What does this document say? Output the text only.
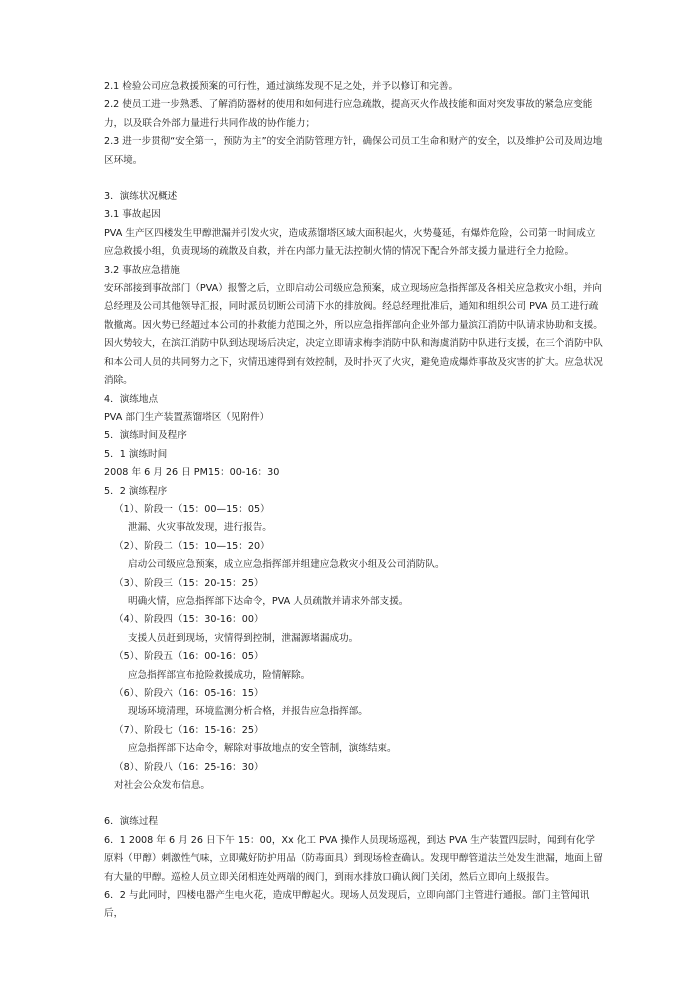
2.1 检验公司应急救援预案的可行性，通过演练发现不足之处，并予以修订和完善。
2.2 使员工进一步熟悉、了解消防器材的使用和如何进行应急疏散，提高灭火作战技能和面对突发事故的紧急应变能力，以及联合外部力量进行共同作战的协作能力；
2.3 进一步贯彻“安全第一，预防为主”的安全消防管理方针，确保公司员工生命和财产的安全，以及维护公司及周边地区环境。
3．演练状况概述
3.1 事故起因
PVA 生产区四楼发生甲醇泄漏并引发火灾，造成蒸馏塔区域大面积起火，火势蔓延，有爆炸危险，公司第一时间成立应急救援小组，负责现场的疏散及自救，并在内部力量无法控制火情的情况下配合外部支援力量进行全力抢险。
3.2 事故应急措施
安环部接到事故部门（PVA）报警之后，立即启动公司级应急预案，成立现场应急指挥部及各相关应急救灾小组，并向总经理及公司其他领导汇报，同时派员切断公司清下水的排放阀。经总经理批准后，通知和组织公司 PVA 员工进行疏散撤离。因火势已经超过本公司的扑救能力范围之外，所以应急指挥部向企业外部力量滨江消防中队请求协助和支援。因火势较大，在滨江消防中队到达现场后决定，决定立即请求梅李消防中队和海虞消防中队进行支援，在三个消防中队和本公司人员的共同努力之下，灾情迅速得到有效控制，及时扑灭了火灾，避免造成爆炸事故及灾害的扩大。应急状况消除。
4．演练地点
PVA 部门生产装置蒸馏塔区（见附件）
5．演练时间及程序
5．1 演练时间
2008 年 6 月 26 日 PM15：00-16：30
5．2 演练程序
（1）、阶段一（15：00—15：05）
泄漏、火灾事故发现，进行报告。
（2）、阶段二（15：10—15：20）
启动公司级应急预案，成立应急指挥部并组建应急救灾小组及公司消防队。
（3）、阶段三（15：20-15：25）
明确火情，应急指挥部下达命令，PVA 人员疏散并请求外部支援。
（4）、阶段四（15：30-16：00）
支援人员赶到现场，灾情得到控制，泄漏源堵漏成功。
（5）、阶段五（16：00-16：05）
应急指挥部宣布抢险救援成功，险情解除。
（6）、阶段六（16：05-16：15）
现场环境清理，环境监测分析合格，并报告应急指挥部。
（7）、阶段七（16：15-16：25）
应急指挥部下达命令，解除对事故地点的安全管制，演练结束。
（8）、阶段八（16：25-16：30）
对社会公众发布信息。
6．演练过程
6．1 2008 年 6 月 26 日下午 15：00，Xx 化工 PVA 操作人员现场巡视，到达 PVA 生产装置四层时，闻到有化学原料（甲醇）刺激性气味，立即戴好防护用品（防毒面具）到现场检查确认。发现甲醇管道法兰处发生泄漏，地面上留有大量的甲醇。巡检人员立即关闭相连处两端的阀门，到雨水排放口确认阀门关闭，然后立即向上级报告。
6．2 与此同时，四楼电器产生电火花，造成甲醇起火。现场人员发现后，立即向部门主管进行通报。部门主管闻讯后，
